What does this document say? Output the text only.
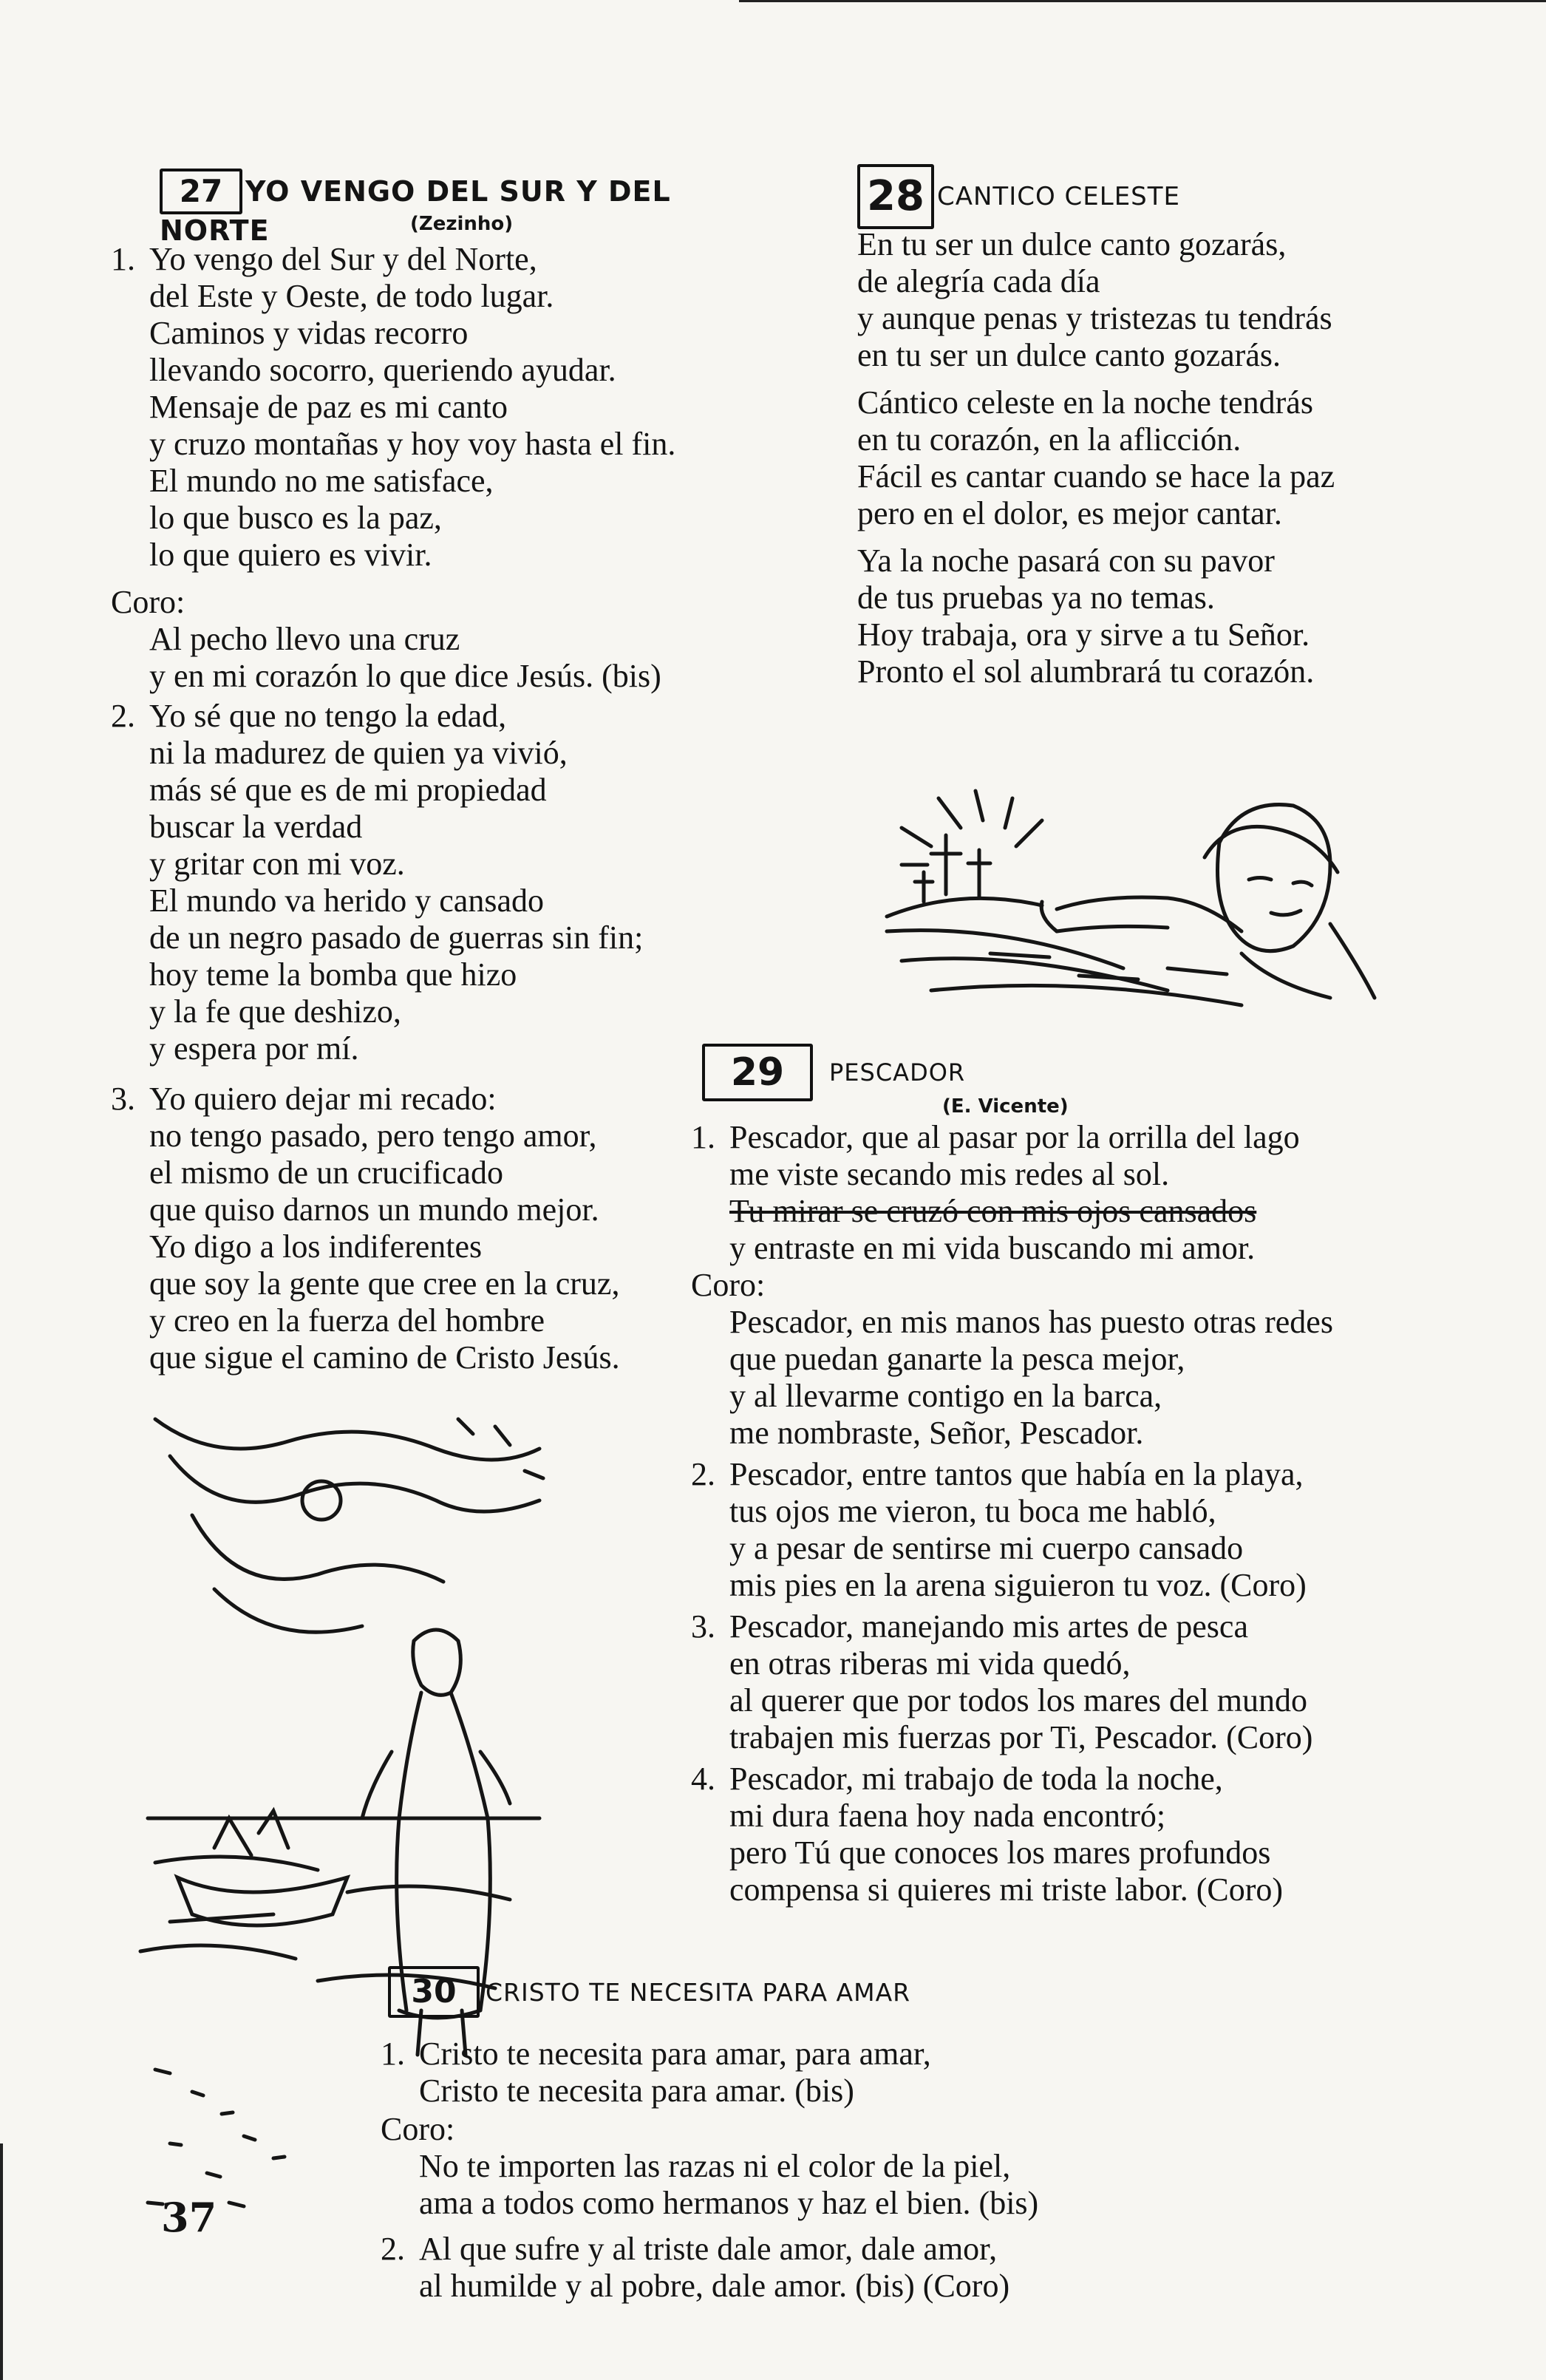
27 YO VENGO DEL SUR Y DEL NORTE	(Zezinho)
1. Yo vengo del Sur y del Norte,
del Este y Oeste, de todo lugar.
Caminos y vidas recorro
llevando socorro, queriendo ayudar.
Mensaje de paz es mi canto
y cruzo montañas y hoy voy hasta el fin.
El mundo no me satisface,
lo que busco es la paz,
lo que quiero es vivir.
Coro:
Al pecho llevo una cruz
y en mi corazón lo que dice Jesús. (bis)
2. Yo sé que no tengo la edad,
ni la madurez de quien ya vivió,
más sé que es de mi propiedad
buscar la verdad
y gritar con mi voz.
El mundo va herido y cansado
de un negro pasado de guerras sin fin;
hoy teme la bomba que hizo
y la fe que deshizo,
y espera por mí.
3. Yo quiero dejar mi recado:
no tengo pasado, pero tengo amor,
el mismo de un crucificado
que quiso darnos un mundo mejor.
Yo digo a los indiferentes
que soy la gente que cree en la cruz,
y creo en la fuerza del hombre
que sigue el camino de Cristo Jesús.
28 CANTICO CELESTE
En tu ser un dulce canto gozarás,
de alegría cada día
y aunque penas y tristezas tu tendrás
en tu ser un dulce canto gozarás.
Cántico celeste en la noche tendrás
en tu corazón, en la aflicción.
Fácil es cantar cuando se hace la paz
pero en el dolor, es mejor cantar.
Ya la noche pasará con su pavor
de tus pruebas ya no temas.
Hoy trabaja, ora y sirve a tu Señor.
Pronto el sol alumbrará tu corazón.
29 PESCADOR
(E. Vicente)
1. Pescador, que al pasar por la orrilla del lago
me viste secando mis redes al sol.
Tu mirar se cruzó con mis ojos cansados
y entraste en mi vida buscando mi amor.
Coro:
Pescador, en mis manos has puesto otras redes
que puedan ganarte la pesca mejor,
y al llevarme contigo en la barca,
me nombraste, Señor, Pescador.
2. Pescador, entre tantos que había en la playa,
tus ojos me vieron, tu boca me habló,
y a pesar de sentirse mi cuerpo cansado
mis pies en la arena siguieron tu voz. (Coro)
3. Pescador, manejando mis artes de pesca
en otras riberas mi vida quedó,
al querer que por todos los mares del mundo
trabajen mis fuerzas por Ti, Pescador. (Coro)
4. Pescador, mi trabajo de toda la noche,
mi dura faena hoy nada encontró;
pero Tú que conoces los mares profundos
compensa si quieres mi triste labor. (Coro)
30 CRISTO TE NECESITA PARA AMAR
1. Cristo te necesita para amar, para amar,
Cristo te necesita para amar. (bis)
Coro:
No te importen las razas ni el color de la piel,
ama a todos como hermanos y haz el bien. (bis)
2. Al que sufre y al triste dale amor, dale amor,
al humilde y al pobre, dale amor. (bis) (Coro)
37
